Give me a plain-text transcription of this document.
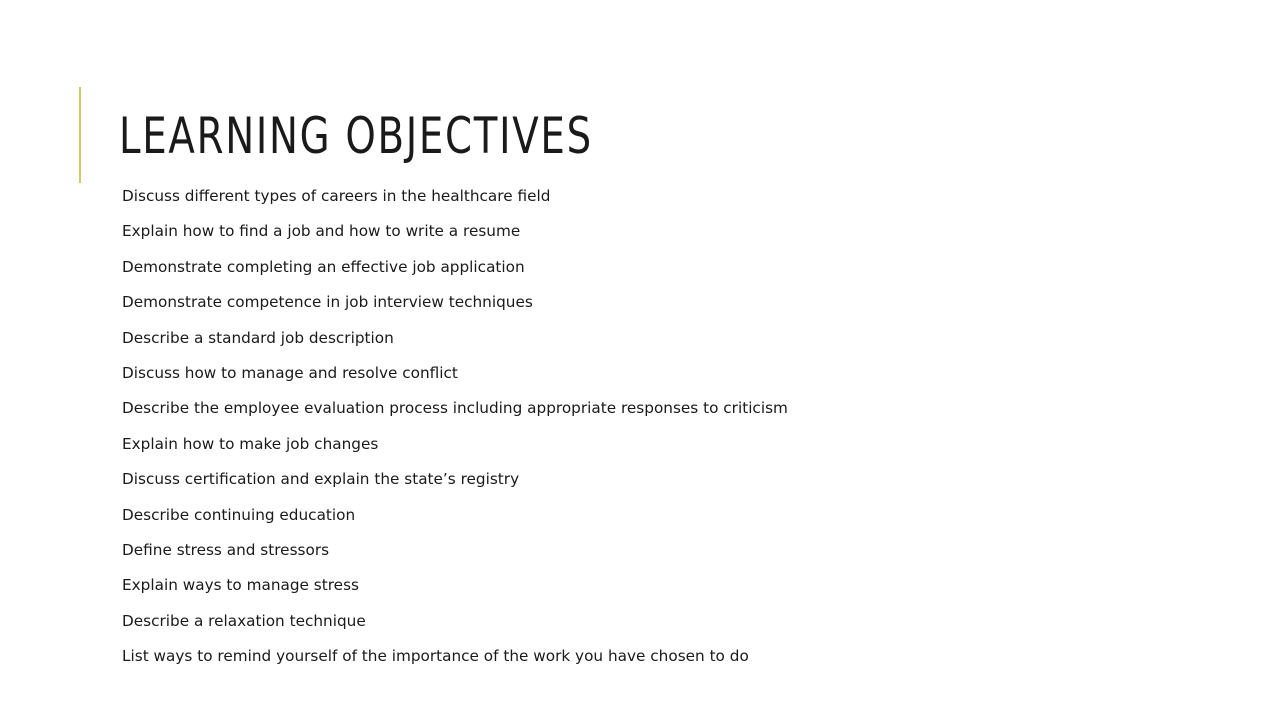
LEARNING OBJECTIVES
Discuss different types of careers in the healthcare field
Explain how to find a job and how to write a resume
Demonstrate completing an effective job application
Demonstrate competence in job interview techniques
Describe a standard job description
Discuss how to manage and resolve conflict
Describe the employee evaluation process including appropriate responses to criticism
Explain how to make job changes
Discuss certification and explain the state’s registry
Describe continuing education
Define stress and stressors
Explain ways to manage stress
Describe a relaxation technique
List ways to remind yourself of the importance of the work you have chosen to do
